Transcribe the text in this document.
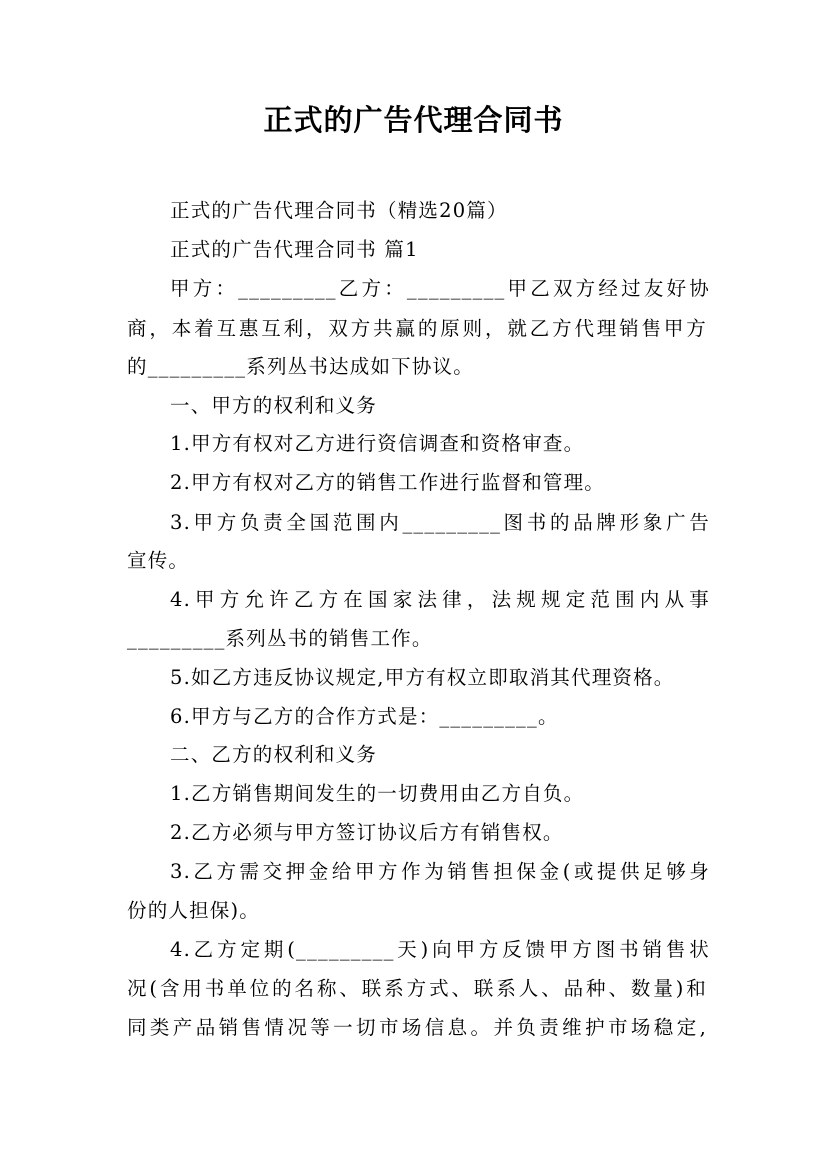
正式的广告代理合同书
正式的广告代理合同书（精选20篇）
正式的广告代理合同书 篇1
甲方：_________乙方：_________甲乙双方经过友好协
商，本着互惠互利，双方共赢的原则，就乙方代理销售甲方
的_________系列丛书达成如下协议。
一、甲方的权利和义务
1.甲方有权对乙方进行资信调查和资格审查。
2.甲方有权对乙方的销售工作进行监督和管理。
3.甲方负责全国范围内_________图书的品牌形象广告
宣传。
4.甲方允许乙方在国家法律，法规规定范围内从事
_________系列丛书的销售工作。
5.如乙方违反协议规定,甲方有权立即取消其代理资格。
6.甲方与乙方的合作方式是：_________。
二、乙方的权利和义务
1.乙方销售期间发生的一切费用由乙方自负。
2.乙方必须与甲方签订协议后方有销售权。
3.乙方需交押金给甲方作为销售担保金(或提供足够身
份的人担保)。
4.乙方定期(_________天)向甲方反馈甲方图书销售状
况(含用书单位的名称、联系方式、联系人、品种、数量)和
同类产品销售情况等一切市场信息。并负责维护市场稳定,
